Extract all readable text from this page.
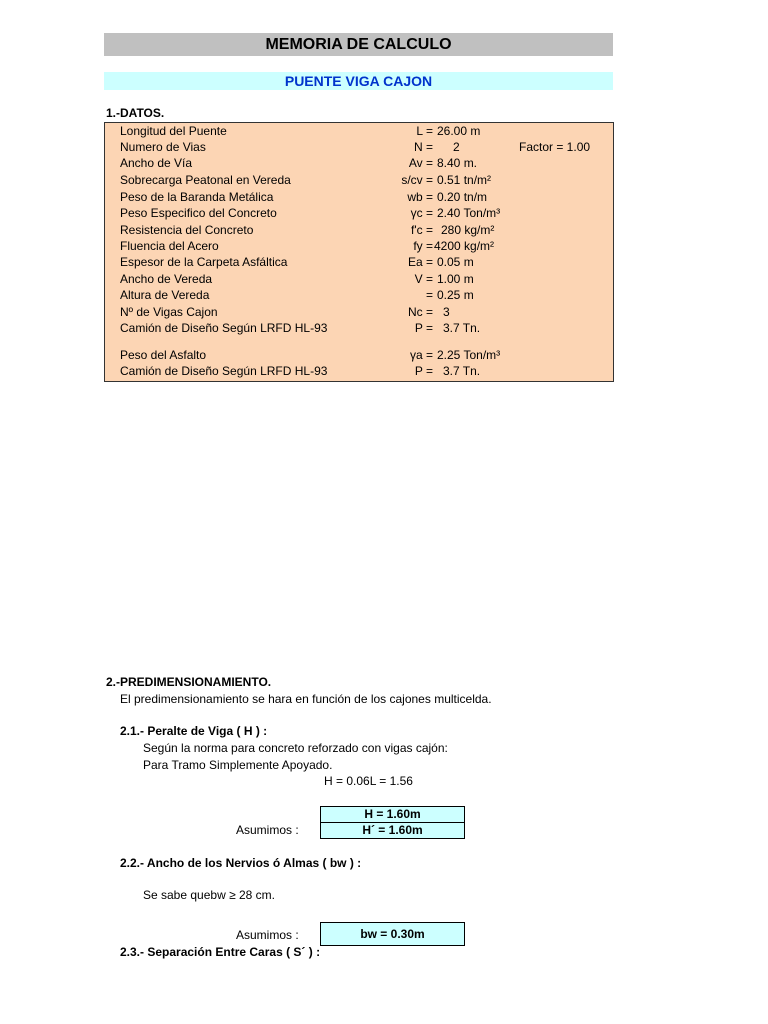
MEMORIA DE CALCULO
PUENTE VIGA CAJON
1.-DATOS.
Longitud del Puente	L = 26.00 m
Numero de Vias	N = 2	Factor = 1.00
Ancho de Vía	Av = 8.40 m.
Sobrecarga Peatonal en Vereda	s/cv = 0.51 tn/m²
Peso de la Baranda Metálica	wb = 0.20 tn/m
Peso Especifico del Concreto	γc = 2.40 Ton/m³
Resistencia del Concreto	f'c = 280 kg/m²
Fluencia del Acero	fy = 4200 kg/m²
Espesor de la Carpeta Asfáltica	Ea = 0.05 m
Ancho de Vereda	V = 1.00 m
Altura de Vereda	= 0.25 m
Nº de Vigas Cajon	Nc = 3
Camión de Diseño Según LRFD HL-93	P = 3.7 Tn.
Peso del Asfalto	γa = 2.25 Ton/m³
Camión de Diseño Según LRFD HL-93	P = 3.7 Tn.
2.-PREDIMENSIONAMIENTO.
El predimensionamiento se hara en función de los cajones multicelda.
2.1.- Peralte de Viga ( H ) :
Según la norma para concreto reforzado con vigas cajón:
Para Tramo Simplemente Apoyado.
H = 0.06L = 1.56
H = 1.60m
Asumimos :	H´ = 1.60m
2.2.- Ancho de los Nervios ó Almas ( bw ) :
Se sabe quebw ≥ 28 cm.
Asumimos :	bw = 0.30m
2.3.- Separación Entre Caras ( S´ ) :
